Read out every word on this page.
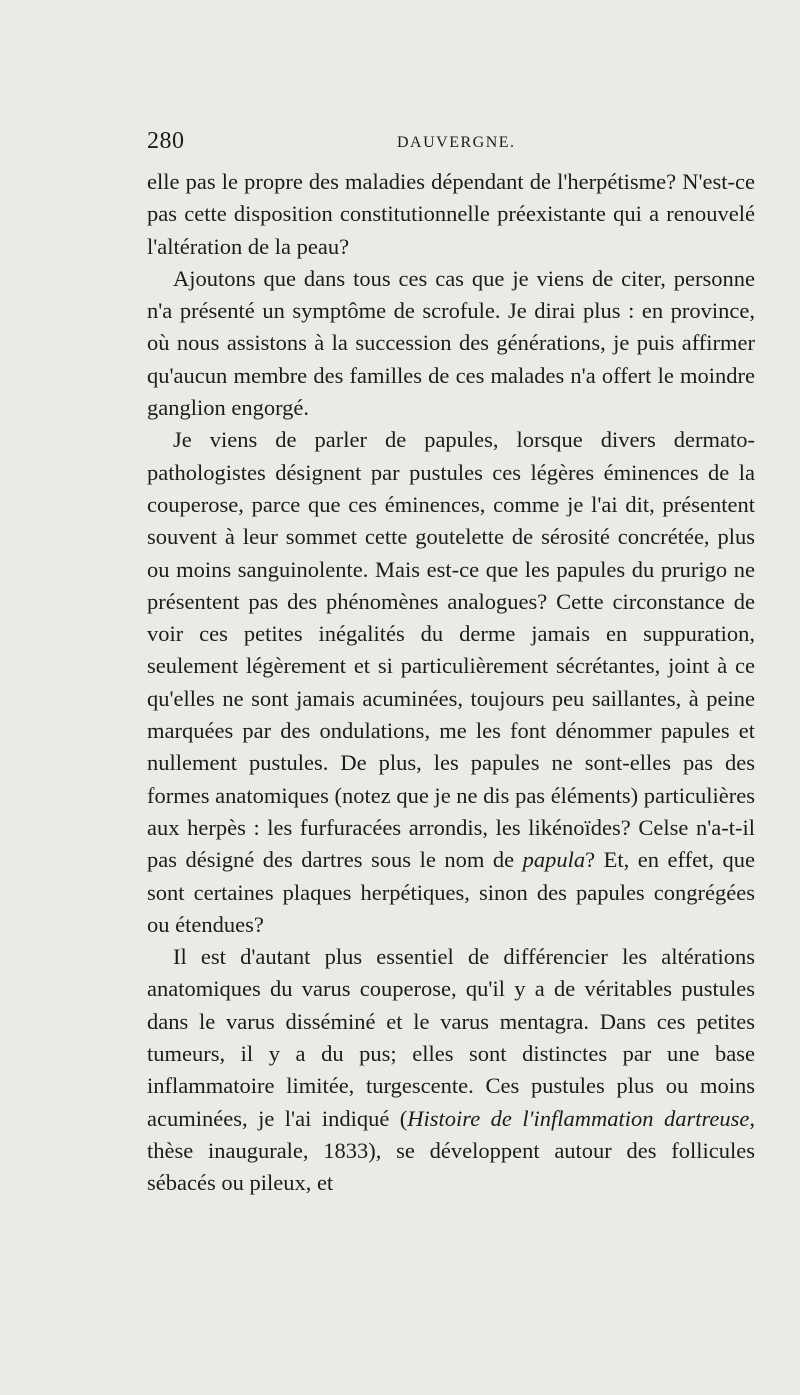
280	DAUVERGNE.

elle pas le propre des maladies dépendant de l'herpétisme? N'est-ce pas cette disposition constitutionnelle préexistante qui a renouvelé l'altération de la peau?

Ajoutons que dans tous ces cas que je viens de citer, personne n'a présenté un symptôme de scrofule. Je dirai plus : en province, où nous assistons à la succession des générations, je puis affirmer qu'aucun membre des familles de ces malades n'a offert le moindre ganglion engorgé.

Je viens de parler de papules, lorsque divers dermato-pathologistes désignent par pustules ces légères éminences de la couperose, parce que ces éminences, comme je l'ai dit, présentent souvent à leur sommet cette goutelette de sérosité concrétée, plus ou moins sanguinolente. Mais est-ce que les papules du prurigo ne présentent pas des phénomènes analogues? Cette circonstance de voir ces petites inégalités du derme jamais en suppuration, seulement légèrement et si particulièrement sécrétantes, joint à ce qu'elles ne sont jamais acuminées, toujours peu saillantes, à peine marquées par des ondulations, me les font dénommer papules et nullement pustules. De plus, les papules ne sont-elles pas des formes anatomiques (notez que je ne dis pas éléments) particulières aux herpès : les furfuracées arrondis, les likénoïdes? Celse n'a-t-il pas désigné des dartres sous le nom de papula? Et, en effet, que sont certaines plaques herpétiques, sinon des papules congrégées ou étendues?

Il est d'autant plus essentiel de différencier les altérations anatomiques du varus couperose, qu'il y a de véritables pustules dans le varus disséminé et le varus mentagra. Dans ces petites tumeurs, il y a du pus; elles sont distinctes par une base inflammatoire limitée, turgescente. Ces pustules plus ou moins acuminées, je l'ai indiqué (Histoire de l'inflammation dartreuse, thèse inaugurale, 1833), se développent autour des follicules sébacés ou pileux, et
